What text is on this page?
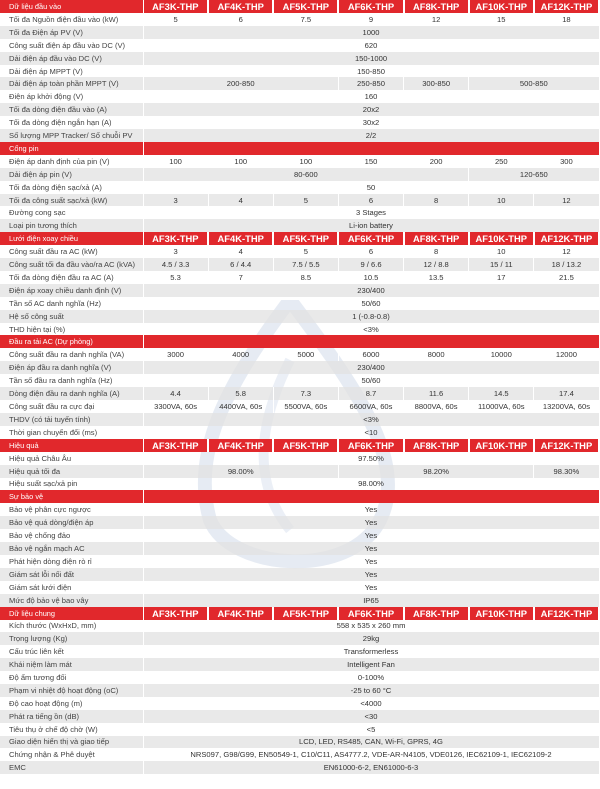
Dữ liệu đầu vào	AF3K-THP	AF4K-THP	AF5K-THP	AF6K-THP	AF8K-THP	AF10K-THP	AF12K-THP
Tối đa Nguồn điện đầu vào (kW)	5	6	7.5	9	12	15	18
Tối đa Điện áp PV (V)	1000						
Công suất điện áp đầu vào DC (V)	620						
Dải điện áp đầu vào DC (V)	150-1000						
Dải điện áp MPPT (V)	150-850						
Dải điện áp toàn phần MPPT (V)	200-850			250-850	300-850	500-850	
Điện áp khởi động (V)	160						
Tối đa dòng điện đầu vào (A)	20x2						
Tối đa dòng điện ngắn hạn (A)	30x2						
Số lượng MPP Tracker/ Số chuỗi PV	2/2						
Cổng pin							
Điện áp danh định của pin (V)	100	100	100	150	200	250	300
Dải điện áp pin (V)	80-600					120-650	
Tối đa dòng điện sạc/xả (A)	50						
Tối đa công suất sạc/xả (kW)	3	4	5	6	8	10	12
Đường cong sạc	3 Stages						
Loại pin tương thích	Li-ion battery						
Lưới điện xoay chiều	AF3K-THP	AF4K-THP	AF5K-THP	AF6K-THP	AF8K-THP	AF10K-THP	AF12K-THP
Công suất đầu ra AC (kW)	3	4	5	6	8	10	12
Công suất tối đa đầu vào/ra AC (kVA)	4.5 / 3.3	6 / 4.4	7.5 / 5.5	9 / 6.6	12 / 8.8	15 / 11	18 / 13.2
Tối đa dòng điện đầu ra AC (A)	5.3	7	8.5	10.5	13.5	17	21.5
Điện áp xoay chiều danh định (V)	230/400						
Tần số AC danh nghĩa (Hz)	50/60						
Hệ số công suất	1 (-0.8-0.8)						
THD hiện tại (%)	<3%						
Đầu ra tải AC (Dự phòng)							
Công suất đầu ra danh nghĩa (VA)	3000	4000	5000	6000	8000	10000	12000
Điện áp đầu ra danh nghĩa (V)	230/400						
Tần số đầu ra danh nghĩa (Hz)	50/60						
Dòng điện đầu ra danh nghĩa (A)	4.4	5.8	7.3	8.7	11.6	14.5	17.4
Công suất đầu ra cực đại	3300VA, 60s	4400VA, 60s	5500VA, 60s	6600VA, 60s	8800VA, 60s	11000VA, 60s	13200VA, 60s
THDV (có tải tuyến tính)	<3%						
Thời gian chuyển đổi (ms)	<10						
Hiệu quả	AF3K-THP	AF4K-THP	AF5K-THP	AF6K-THP	AF8K-THP	AF10K-THP	AF12K-THP
Hiệu quả Châu Âu	97.50%						
Hiệu quả tối đa	98.00%			98.20%			98.30%
Hiệu suất sạc/xả pin	98.00%						
Sự bảo vệ							
Bảo vệ phân cực ngược	Yes						
Bảo vệ quá dòng/điện áp	Yes						
Bảo vệ chống đảo	Yes						
Bảo vệ ngắn mạch AC	Yes						
Phát hiện dòng điện rò rỉ	Yes						
Giám sát lỗi nối đất	Yes						
Giám sát lưới điện	Yes						
Mức độ bảo vệ bao vây	IP65						
Dữ liệu chung	AF3K-THP	AF4K-THP	AF5K-THP	AF6K-THP	AF8K-THP	AF10K-THP	AF12K-THP
Kích thước (WxHxD, mm)	558 x 535 x 260 mm						
Trọng lượng (Kg)	29kg						
Cấu trúc liên kết	Transformerless						
Khái niệm làm mát	Intelligent Fan						
Độ ẩm tương đối	0-100%						
Phạm vi nhiệt độ hoạt động (oC)	-25 to 60 °C						
Độ cao hoạt động (m)	<4000						
Phát ra tiếng ồn (dB)	<30						
Tiêu thụ ở chế độ chờ (W)	<5						
Giao diện hiển thị và giao tiếp	LCD, LED, RS485, CAN, Wi-Fi, GPRS, 4G						
Chứng nhận & Phê duyệt	NRS097, G98/G99, EN50549-1, C10/C11, AS4777.2, VDE-AR-N4105, VDE0126, IEC62109-1, IEC62109-2						
EMC	EN61000-6-2, EN61000-6-3						
